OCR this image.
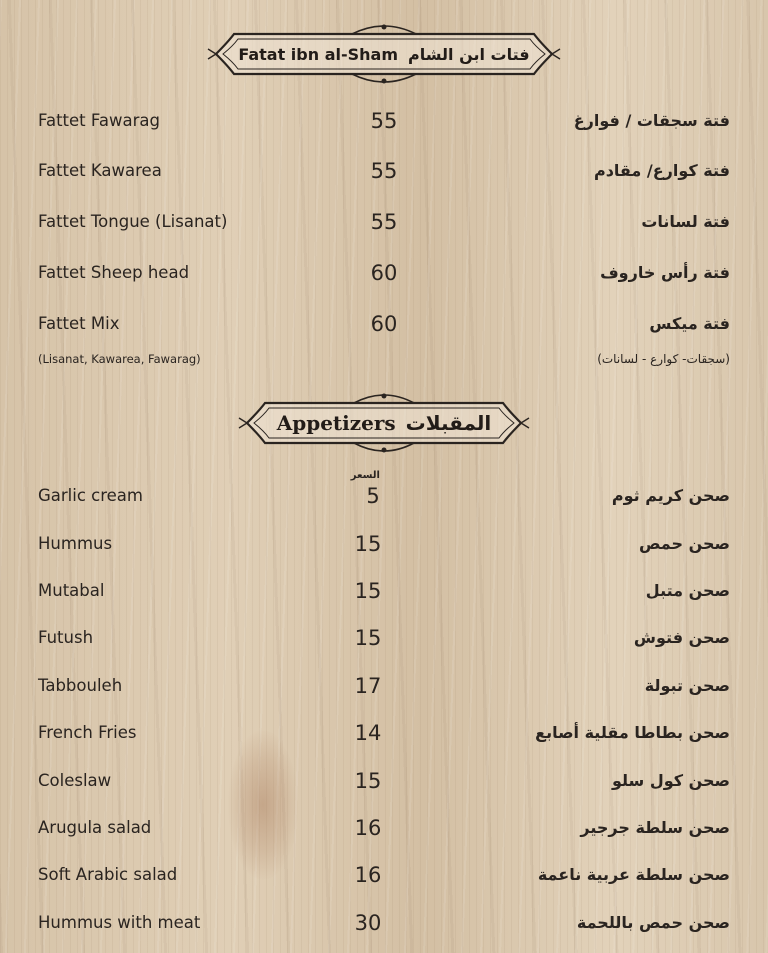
Fatat ibn al-Sham فتات ابن الشام
Fattet Fawarag	55	فتة سجقات / فوارغ
Fattet Kawarea	55	فتة كوارع/ مقادم
Fattet Tongue (Lisanat)	55	فتة لسانات
Fattet Sheep head	60	فتة رأس خاروف
Fattet Mix	60	فتة ميكس
(Lisanat, Kawarea, Fawarag)	(سجقات- كوارع - لسانات)
Appetizers المقبلات
السعر
Garlic cream	5	صحن كريم ثوم
Hummus	15	صحن حمص
Mutabal	15	صحن متبل
Futush	15	صحن فتوش
Tabbouleh	17	صحن تبولة
French Fries	14	صحن بطاطا مقلية أصابع
Coleslaw	15	صحن كول سلو
Arugula salad	16	صحن سلطة جرجير
Soft Arabic salad	16	صحن سلطة عربية ناعمة
Hummus with meat	30	صحن حمص باللحمة
